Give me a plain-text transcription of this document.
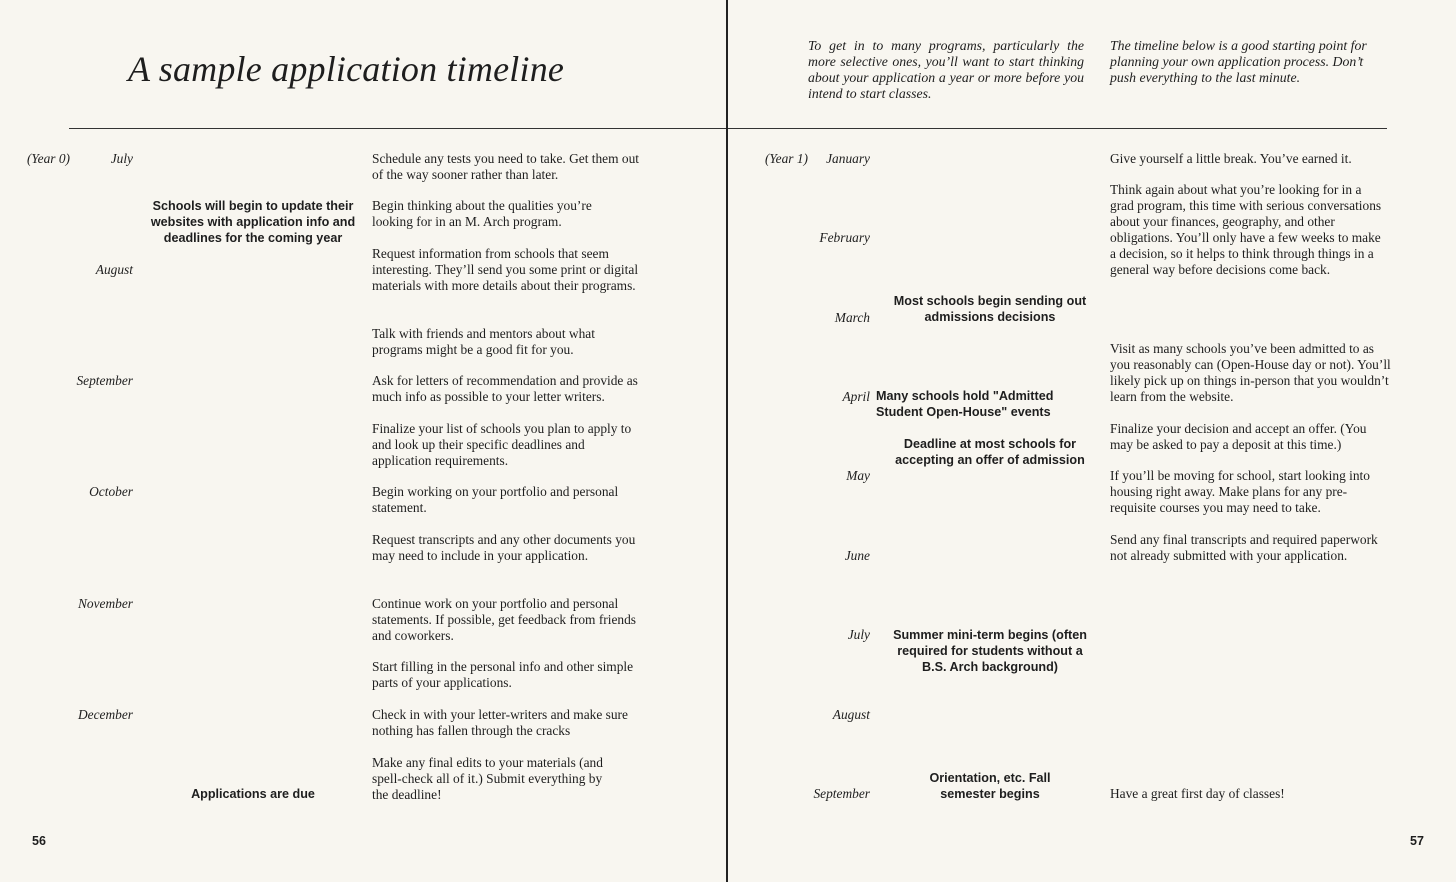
A sample application timeline
To get in to many programs, particularly the more selective ones, you’ll want to start thinking about your application a year or more before you intend to start classes.
The timeline below is a good starting point for planning your own application process. Don’t push everything to the last minute.
(Year 0)	July
August
September
October
November
December
Schools will begin to update their websites with application info and deadlines for the coming year
Applications are due
Schedule any tests you need to take. Get them out of the way sooner rather than later.
Begin thinking about the qualities you’re looking for in an M. Arch program.
Request information from schools that seem interesting. They’ll send you some print or digital materials with more details about their programs.
Talk with friends and mentors about what programs might be a good fit for you.
Ask for letters of recommendation and provide as much info as possible to your letter writers.
Finalize your list of schools you plan to apply to and look up their specific deadlines and application requirements.
Begin working on your portfolio and personal statement.
Request transcripts and any other documents you may need to include in your application.
Continue work on your portfolio and personal statements. If possible, get feedback from friends and coworkers.
Start filling in the personal info and other simple parts of your applications.
Check in with your letter-writers and make sure nothing has fallen through the cracks
Make any final edits to your materials (and spell-check all of it.) Submit everything by the deadline!
56
(Year 1)	January
February
March
April
May
June
July
August
September
Most schools begin sending out admissions decisions
Many schools hold "Admitted Student Open-House" events
Deadline at most schools for accepting an offer of admission
Summer mini-term begins (often required for students without a B.S. Arch background)
Orientation, etc. Fall semester begins
Give yourself a little break. You’ve earned it.
Think again about what you’re looking for in a grad program, this time with serious conversations about your finances, geography, and other obligations. You’ll only have a few weeks to make a decision, so it helps to think through things in a general way before decisions come back.
Visit as many schools you’ve been admitted to as you reasonably can (Open-House day or not). You’ll likely pick up on things in-person that you wouldn’t learn from the website.
Finalize your decision and accept an offer. (You may be asked to pay a deposit at this time.)
If you’ll be moving for school, start looking into housing right away. Make plans for any pre-requisite courses you may need to take.
Send any final transcripts and required paperwork not already submitted with your application.
Have a great first day of classes!
57
